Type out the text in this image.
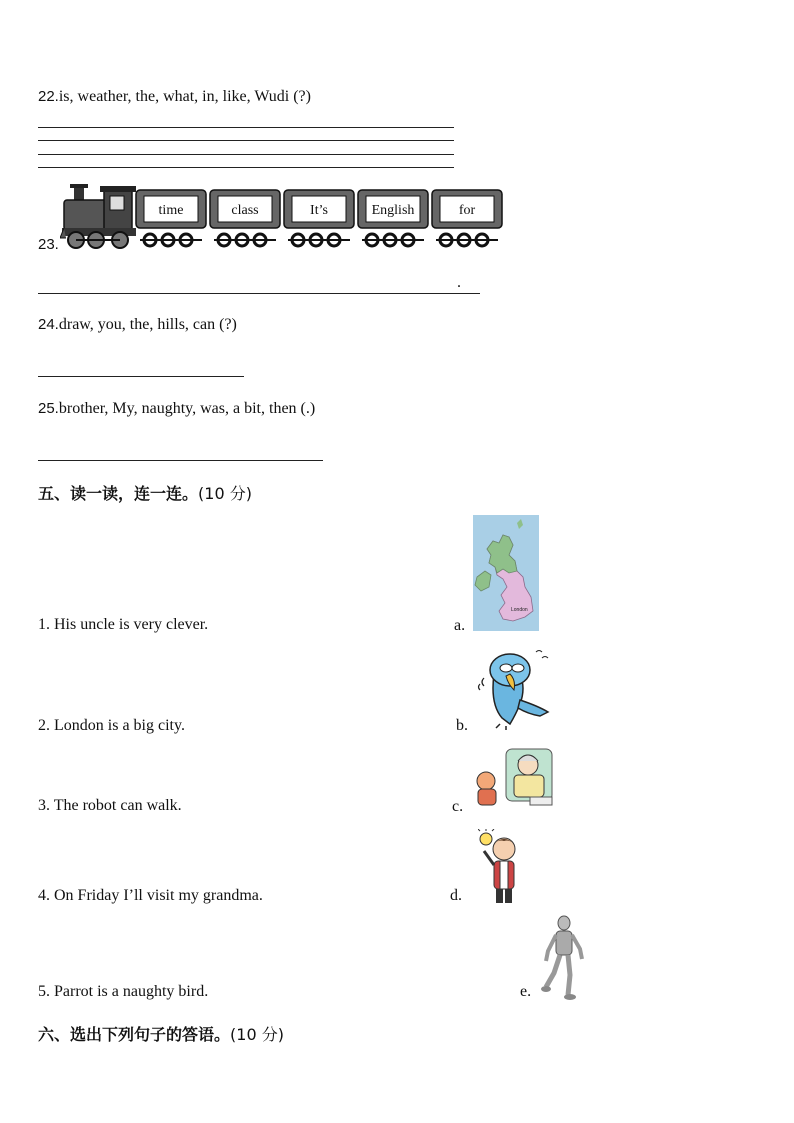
22.is, weather, the, what, in, like, Wudi (?)
23.
time	class	It’s	English	for
.
24.draw, you, the, hills, can (?)
25.brother, My, naughty, was, a bit, then (.)
五、读一读，连一连。(10 分)
1. His uncle is very clever.
2. London is a big city.
3. The robot can walk.
4. On Friday I’ll visit my grandma.
5. Parrot is a naughty bird.
a.
b.
c.
d.
e.
London
六、选出下列句子的答语。(10 分)
